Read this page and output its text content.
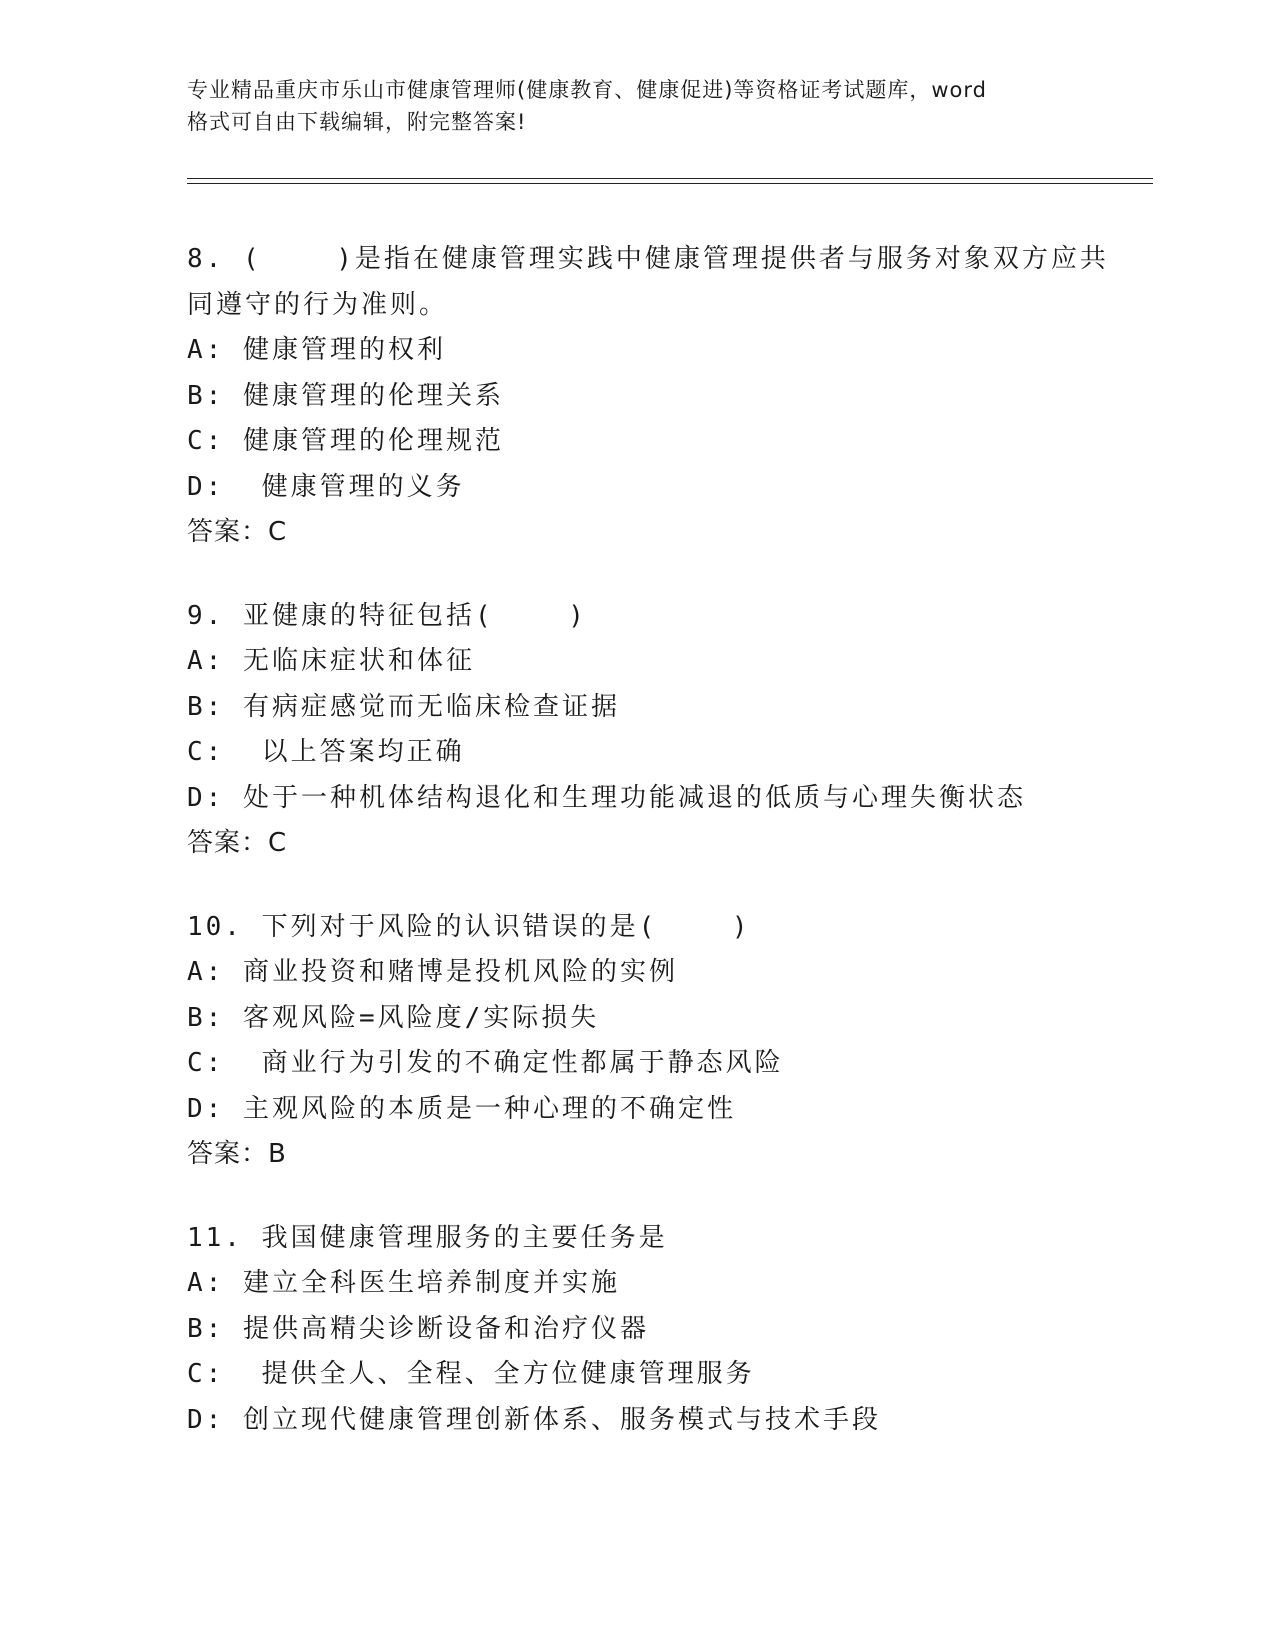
专业精品重庆市乐山市健康管理师(健康教育、健康促进)等资格证考试题库，word
格式可自由下载编辑，附完整答案!
8. (    )是指在健康管理实践中健康管理提供者与服务对象双方应共
同遵守的行为准则。
A: 健康管理的权利
B: 健康管理的伦理关系
C: 健康管理的伦理规范
D:  健康管理的义务
答案：C
9. 亚健康的特征包括(    )
A: 无临床症状和体征
B: 有病症感觉而无临床检查证据
C:  以上答案均正确
D: 处于一种机体结构退化和生理功能减退的低质与心理失衡状态
答案：C
10. 下列对于风险的认识错误的是(    )
A: 商业投资和赌博是投机风险的实例
B: 客观风险=风险度/实际损失
C:  商业行为引发的不确定性都属于静态风险
D: 主观风险的本质是一种心理的不确定性
答案：B
11. 我国健康管理服务的主要任务是
A: 建立全科医生培养制度并实施
B: 提供高精尖诊断设备和治疗仪器
C:  提供全人、全程、全方位健康管理服务
D: 创立现代健康管理创新体系、服务模式与技术手段
